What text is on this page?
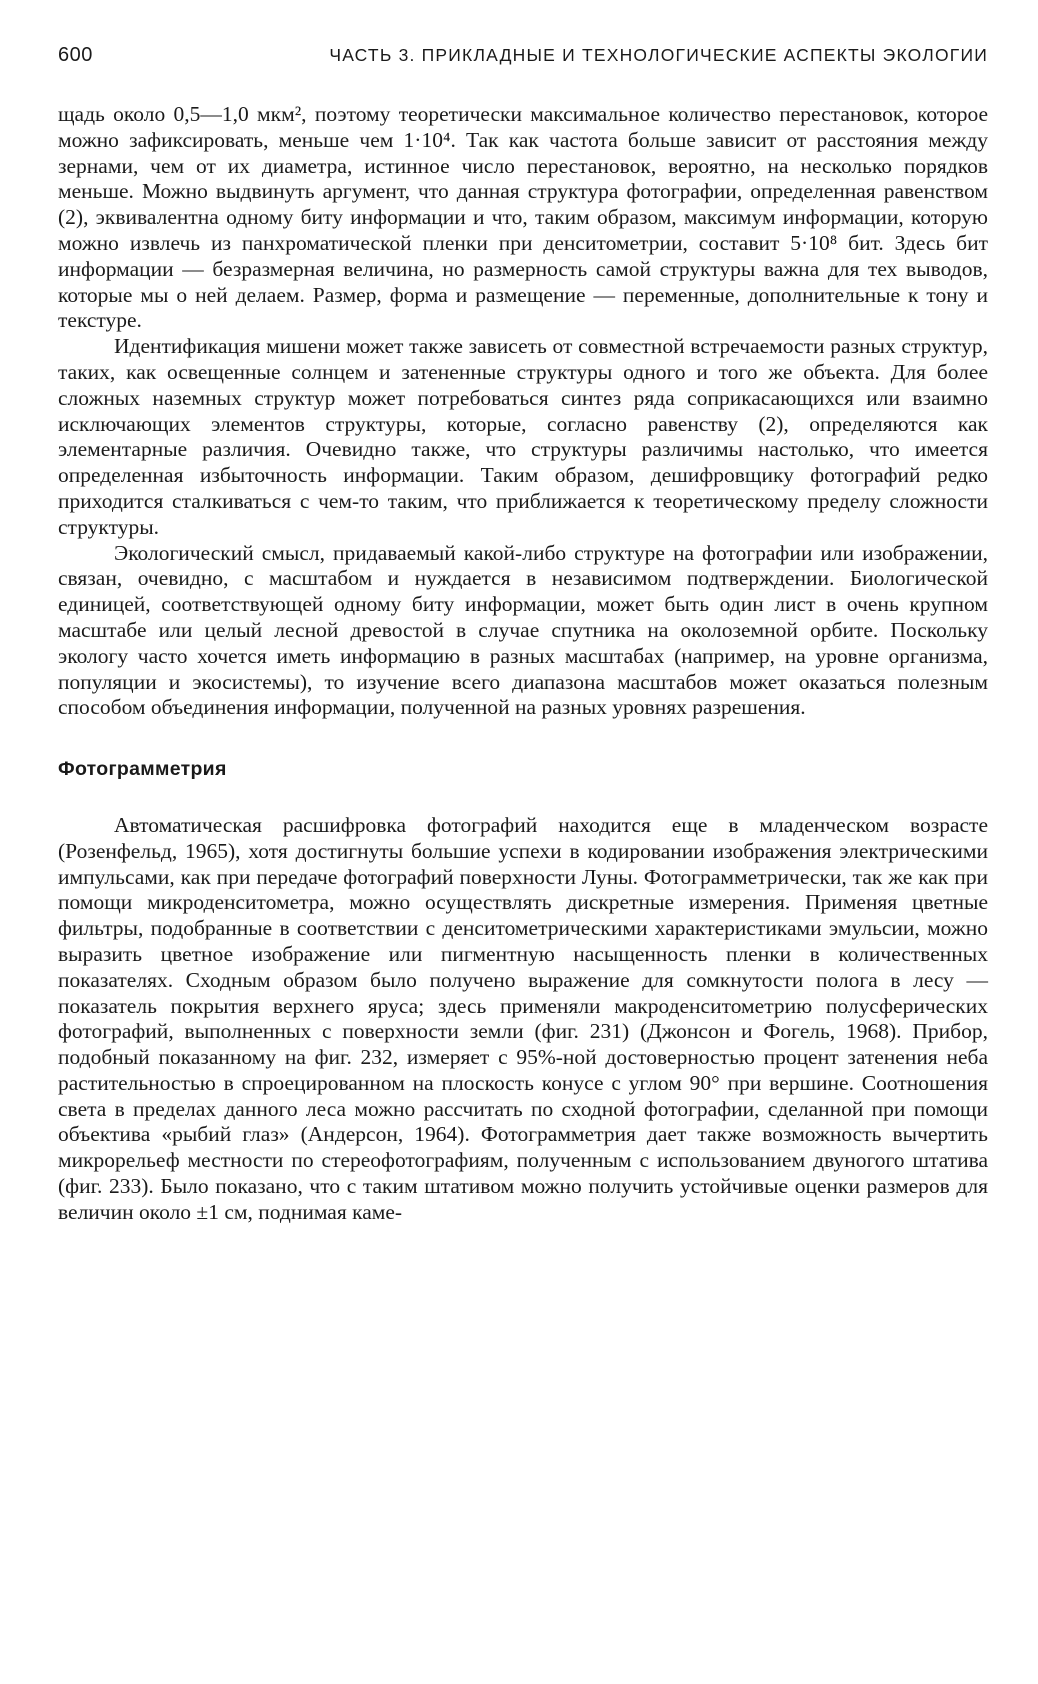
600	ЧАСТЬ 3. ПРИКЛАДНЫЕ И ТЕХНОЛОГИЧЕСКИЕ АСПЕКТЫ ЭКОЛОГИИ

щадь около 0,5—1,0 мкм², поэтому теоретически максимальное количество перестановок, которое можно зафиксировать, меньше чем 1·10⁴. Так как частота больше зависит от расстояния между зернами, чем от их диаметра, истинное число перестановок, вероятно, на несколько порядков меньше. Можно выдвинуть аргумент, что данная структура фотографии, определенная равенством (2), эквивалентна одному биту информации и что, таким образом, максимум информации, которую можно извлечь из панхроматической пленки при денситометрии, составит 5·10⁸ бит. Здесь бит информации — безразмерная величина, но размерность самой структуры важна для тех выводов, которые мы о ней делаем. Размер, форма и размещение — переменные, дополнительные к тону и текстуре.

Идентификация мишени может также зависеть от совместной встречаемости разных структур, таких, как освещенные солнцем и затененные структуры одного и того же объекта. Для более сложных наземных структур может потребоваться синтез ряда соприкасающихся или взаимно исключающих элементов структуры, которые, согласно равенству (2), определяются как элементарные различия. Очевидно также, что структуры различимы настолько, что имеется определенная избыточность информации. Таким образом, дешифровщику фотографий редко приходится сталкиваться с чем-то таким, что приближается к теоретическому пределу сложности структуры.

Экологический смысл, придаваемый какой-либо структуре на фотографии или изображении, связан, очевидно, с масштабом и нуждается в независимом подтверждении. Биологической единицей, соответствующей одному биту информации, может быть один лист в очень крупном масштабе или целый лесной древостой в случае спутника на околоземной орбите. Поскольку экологу часто хочется иметь информацию в разных масштабах (например, на уровне организма, популяции и экосистемы), то изучение всего диапазона масштабов может оказаться полезным способом объединения информации, полученной на разных уровнях разрешения.

Фотограмметрия

Автоматическая расшифровка фотографий находится еще в младенческом возрасте (Розенфельд, 1965), хотя достигнуты большие успехи в кодировании изображения электрическими импульсами, как при передаче фотографий поверхности Луны. Фотограмметрически, так же как при помощи микроденситометра, можно осуществлять дискретные измерения. Применяя цветные фильтры, подобранные в соответствии с денситометрическими характеристиками эмульсии, можно выразить цветное изображение или пигментную насыщенность пленки в количественных показателях. Сходным образом было получено выражение для сомкнутости полога в лесу — показатель покрытия верхнего яруса; здесь применяли макроденситометрию полусферических фотографий, выполненных с поверхности земли (фиг. 231) (Джонсон и Фогель, 1968). Прибор, подобный показанному на фиг. 232, измеряет с 95%-ной достоверностью процент затенения неба растительностью в спроецированном на плоскость конусе с углом 90° при вершине. Соотношения света в пределах данного леса можно рассчитать по сходной фотографии, сделанной при помощи объектива «рыбий глаз» (Андерсон, 1964). Фотограмметрия дает также возможность вычертить микрорельеф местности по стереофотографиям, полученным с использованием двуногого штатива (фиг. 233). Было показано, что с таким штативом можно получить устойчивые оценки размеров для величин около ±1 см, поднимая каме-
